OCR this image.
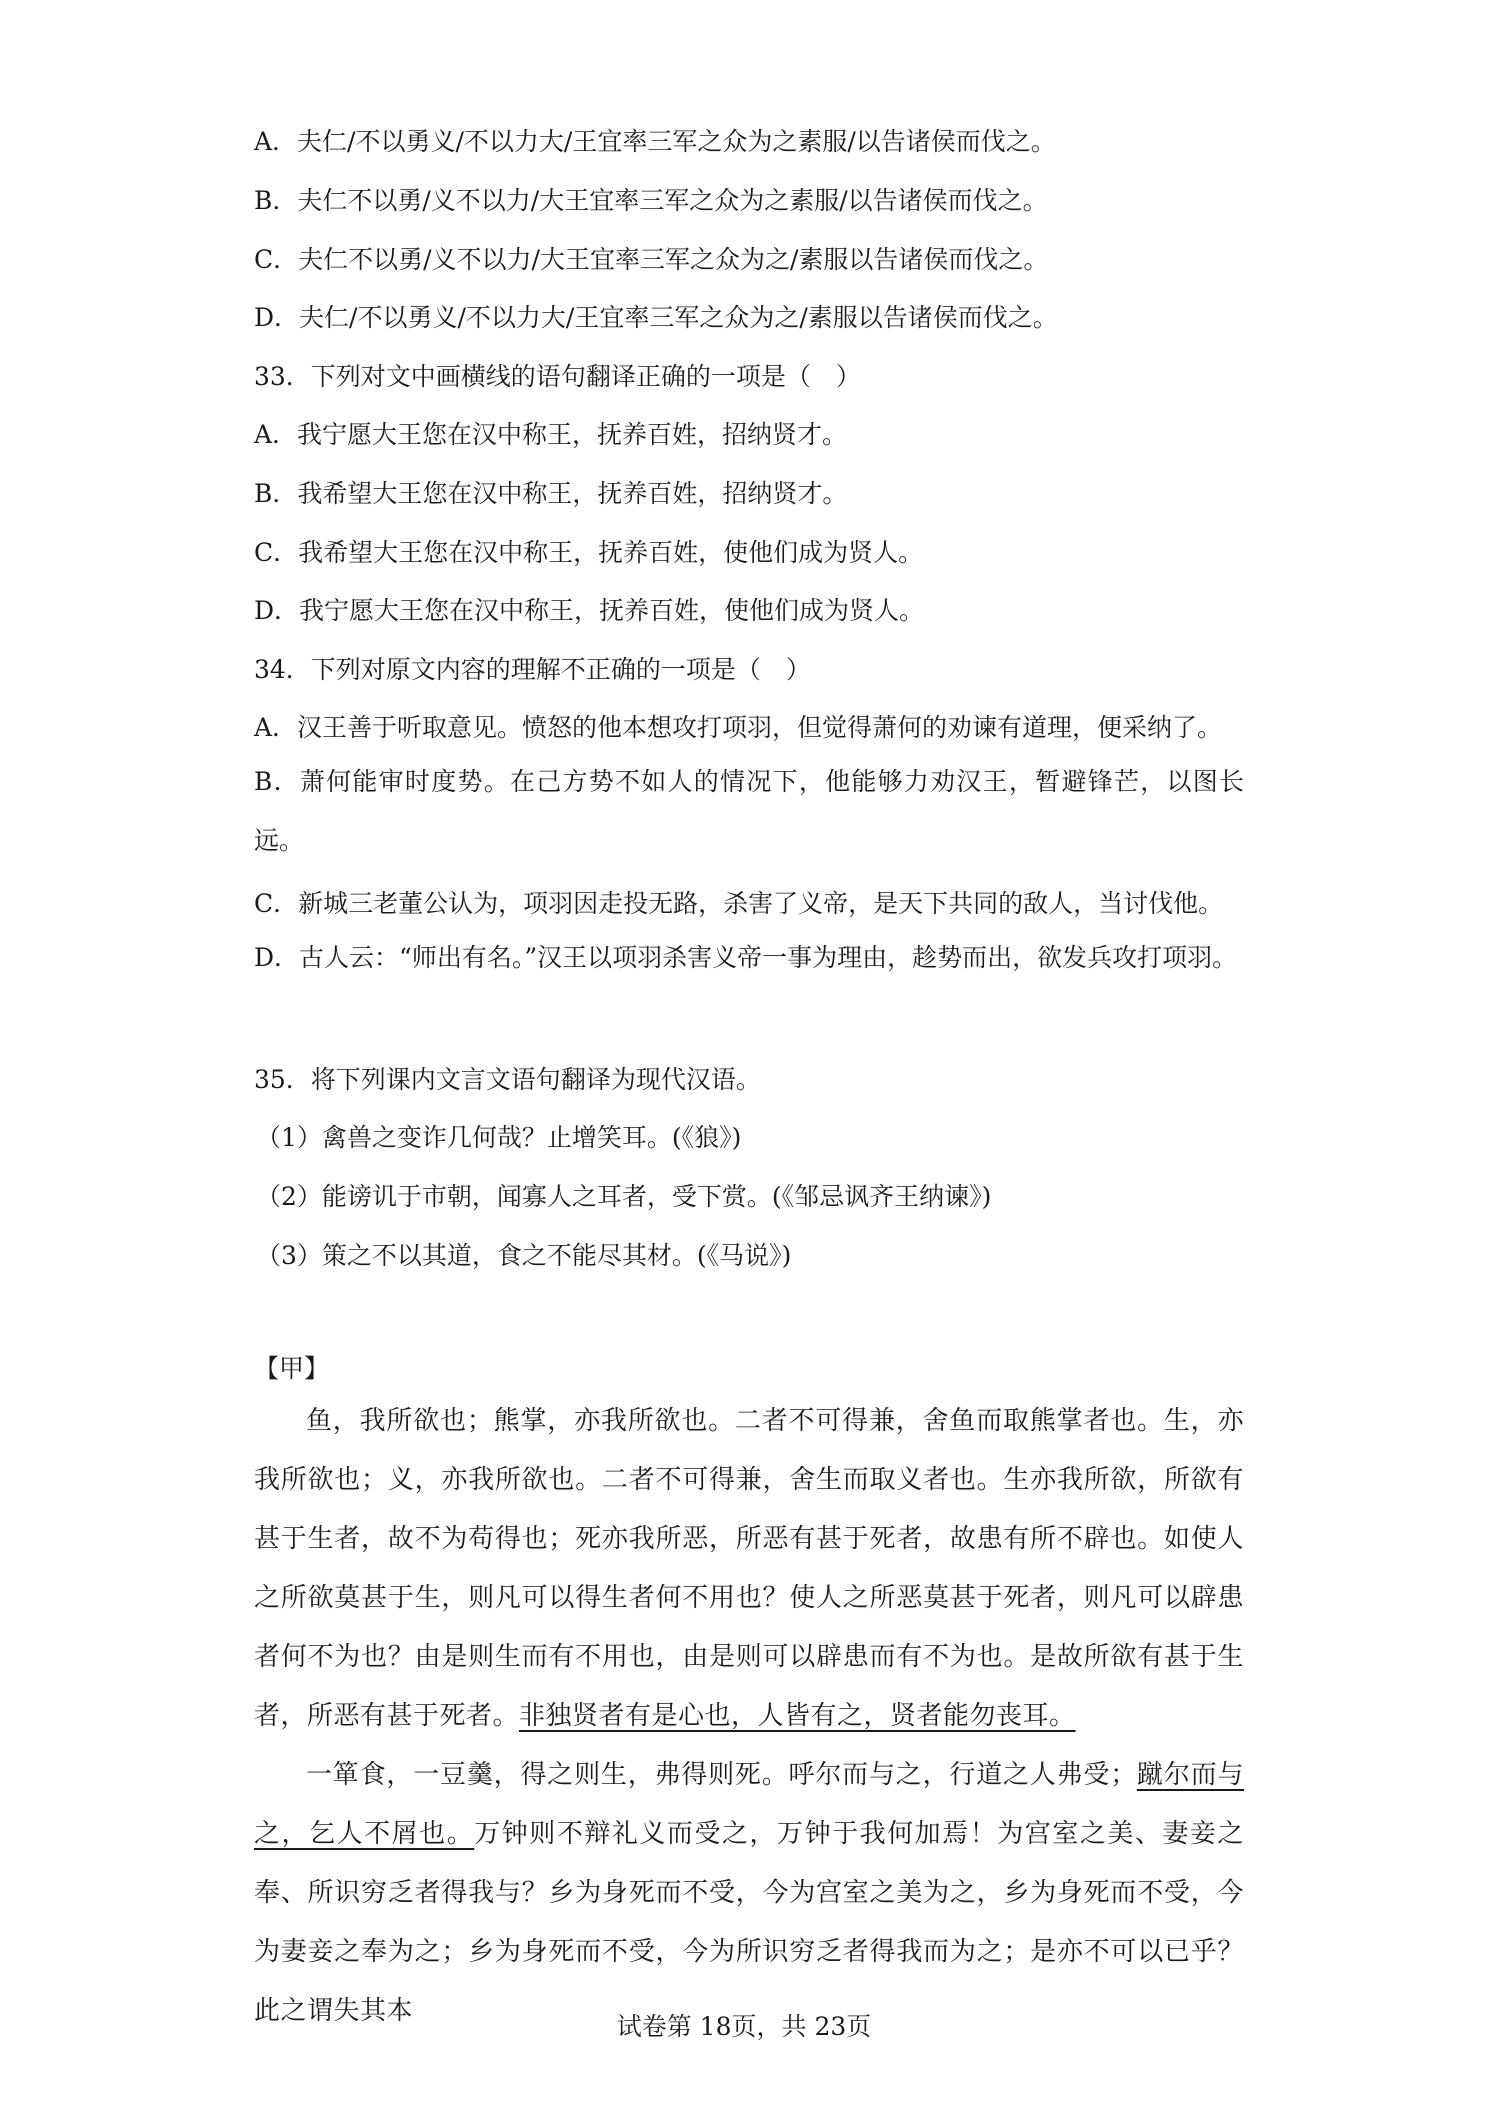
A．夫仁/不以勇义/不以力大/王宜率三军之众为之素服/以告诸侯而伐之。
B．夫仁不以勇/义不以力/大王宜率三军之众为之素服/以告诸侯而伐之。
C．夫仁不以勇/义不以力/大王宜率三军之众为之/素服以告诸侯而伐之。
D．夫仁/不以勇义/不以力大/王宜率三军之众为之/素服以告诸侯而伐之。
33．下列对文中画横线的语句翻译正确的一项是（　）
A．我宁愿大王您在汉中称王，抚养百姓，招纳贤才。
B．我希望大王您在汉中称王，抚养百姓，招纳贤才。
C．我希望大王您在汉中称王，抚养百姓，使他们成为贤人。
D．我宁愿大王您在汉中称王，抚养百姓，使他们成为贤人。
34．下列对原文内容的理解不正确的一项是（　）
A．汉王善于听取意见。愤怒的他本想攻打项羽，但觉得萧何的劝谏有道理，便采纳了。
B．萧何能审时度势。在己方势不如人的情况下，他能够力劝汉王，暂避锋芒，以图长远。
C．新城三老董公认为，项羽因走投无路，杀害了义帝，是天下共同的敌人，当讨伐他。
D．古人云：“师出有名。”汉王以项羽杀害义帝一事为理由，趁势而出，欲发兵攻打项羽。
35．将下列课内文言文语句翻译为现代汉语。
（1）禽兽之变诈几何哉？止增笑耳。(《狼》)
（2）能谤讥于市朝，闻寡人之耳者，受下赏。(《邹忌讽齐王纳谏》)
（3）策之不以其道，食之不能尽其材。(《马说》)
【甲】
鱼，我所欲也；熊掌，亦我所欲也。二者不可得兼，舍鱼而取熊掌者也。生，亦我所欲也；义，亦我所欲也。二者不可得兼，舍生而取义者也。生亦我所欲，所欲有甚于生者，故不为苟得也；死亦我所恶，所恶有甚于死者，故患有所不辟也。如使人之所欲莫甚于生，则凡可以得生者何不用也？使人之所恶莫甚于死者，则凡可以辟患者何不为也？由是则生而有不用也，由是则可以辟患而有不为也。是故所欲有甚于生者，所恶有甚于死者。非独贤者有是心也，人皆有之，贤者能勿丧耳。
一箪食，一豆羹，得之则生，弗得则死。呼尔而与之，行道之人弗受；蹴尔而与之，乞人不屑也。万钟则不辩礼义而受之，万钟于我何加焉！为宫室之美、妻妾之奉、所识穷乏者得我与？乡为身死而不受，今为宫室之美为之，乡为身死而不受，今为妻妾之奉为之；乡为身死而不受，今为所识穷乏者得我而为之；是亦不可以已乎？此之谓失其本
试卷第 18页，共 23页
